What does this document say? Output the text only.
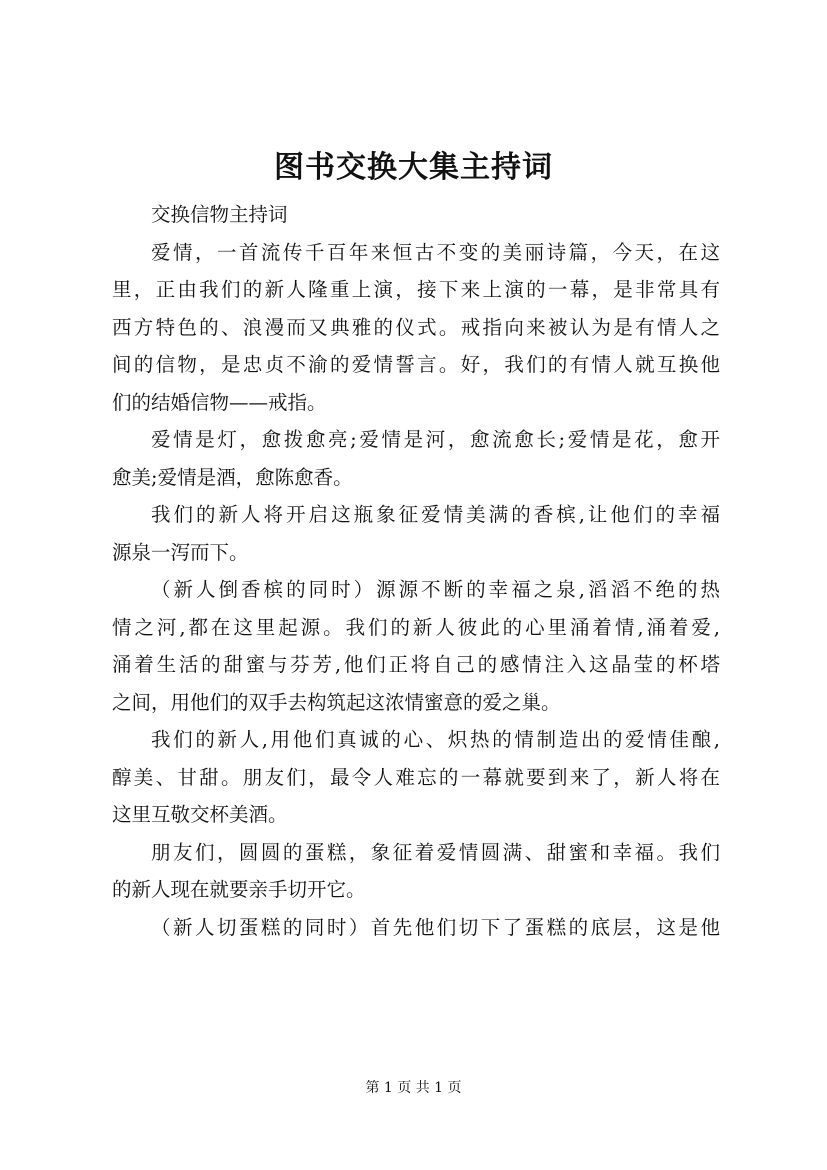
图书交换大集主持词

交换信物主持词

爱情，一首流传千百年来恒古不变的美丽诗篇，今天，在这
里，正由我们的新人隆重上演，接下来上演的一幕，是非常具有
西方特色的、浪漫而又典雅的仪式。戒指向来被认为是有情人之
间的信物，是忠贞不渝的爱情誓言。好，我们的有情人就互换他
们的结婚信物——戒指。

爱情是灯，愈拨愈亮;爱情是河，愈流愈长;爱情是花，愈开
愈美;爱情是酒，愈陈愈香。

我们的新人将开启这瓶象征爱情美满的香槟,让他们的幸福
源泉一泻而下。

（新人倒香槟的同时）源源不断的幸福之泉,滔滔不绝的热
情之河,都在这里起源。我们的新人彼此的心里涌着情,涌着爱,
涌着生活的甜蜜与芬芳,他们正将自己的感情注入这晶莹的杯塔
之间，用他们的双手去构筑起这浓情蜜意的爱之巢。

我们的新人,用他们真诚的心、炽热的情制造出的爱情佳酿,
醇美、甘甜。朋友们，最令人难忘的一幕就要到来了，新人将在
这里互敬交杯美酒。

朋友们，圆圆的蛋糕，象征着爱情圆满、甜蜜和幸福。我们
的新人现在就要亲手切开它。

（新人切蛋糕的同时）首先他们切下了蛋糕的底层，这是他

第 1 页 共 1 页
